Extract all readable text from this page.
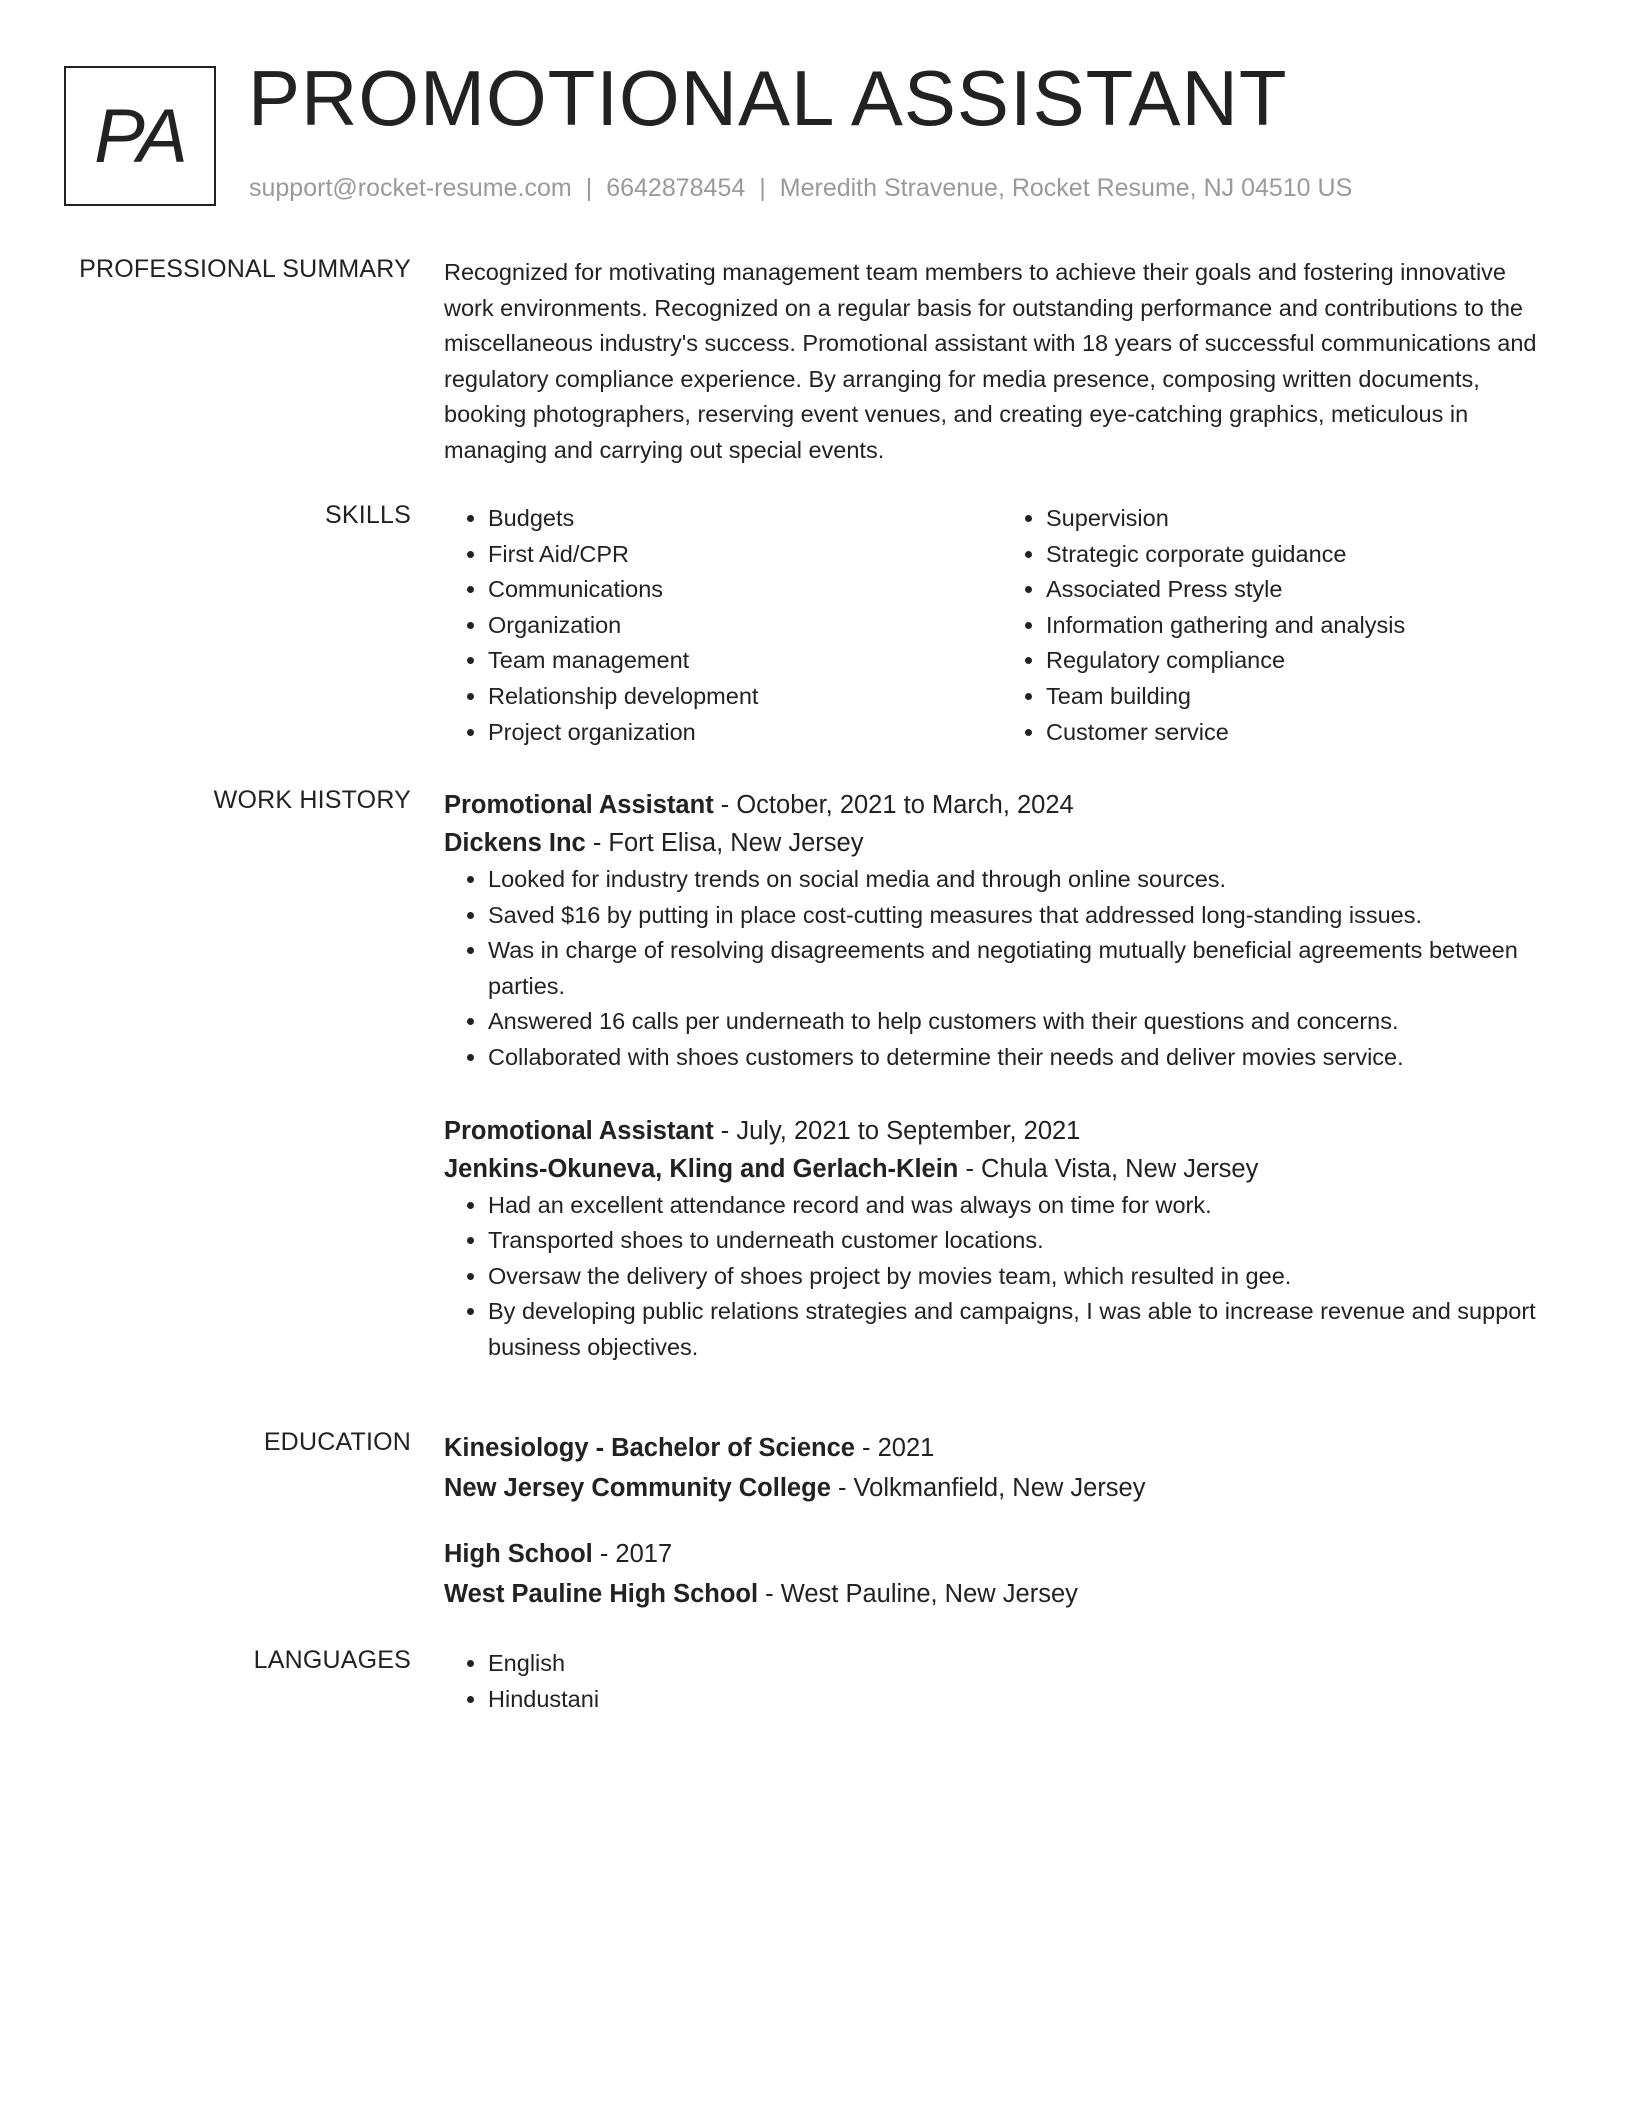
PA PROMOTIONAL ASSISTANT
support@rocket-resume.com | 6642878454 | Meredith Stravenue, Rocket Resume, NJ 04510 US
PROFESSIONAL SUMMARY Recognized for motivating management team members to achieve their goals and fostering innovative work environments. Recognized on a regular basis for outstanding performance and contributions to the miscellaneous industry's success. Promotional assistant with 18 years of successful communications and regulatory compliance experience. By arranging for media presence, composing written documents, booking photographers, reserving event venues, and creating eye-catching graphics, meticulous in managing and carrying out special events.

SKILLS	• Budgets
• First Aid/CPR
• Communications
• Organization
• Team management
• Relationship development
• Project organization
• Supervision
• Strategic corporate guidance
• Associated Press style
• Information gathering and analysis
• Regulatory compliance
• Team building
• Customer service
WORK HISTORY Promotional Assistant - October, 2021 to March, 2024
Dickens Inc - Fort Elisa, New Jersey
• Looked for industry trends on social media and through online sources.
• Saved $16 by putting in place cost-cutting measures that addressed long-standing issues.
• Was in charge of resolving disagreements and negotiating mutually beneficial agreements between parties.
• Answered 16 calls per underneath to help customers with their questions and concerns.
• Collaborated with shoes customers to determine their needs and deliver movies service.
Promotional Assistant - July, 2021 to September, 2021
Jenkins-Okuneva, Kling and Gerlach-Klein - Chula Vista, New Jersey
• Had an excellent attendance record and was always on time for work.
• Transported shoes to underneath customer locations.
• Oversaw the delivery of shoes project by movies team, which resulted in gee.
• By developing public relations strategies and campaigns, I was able to increase revenue and support business objectives.
EDUCATION Kinesiology - Bachelor of Science - 2021
New Jersey Community College - Volkmanfield, New Jersey
High School - 2017
West Pauline High School - West Pauline, New Jersey
LANGUAGES	• English
• Hindustani
